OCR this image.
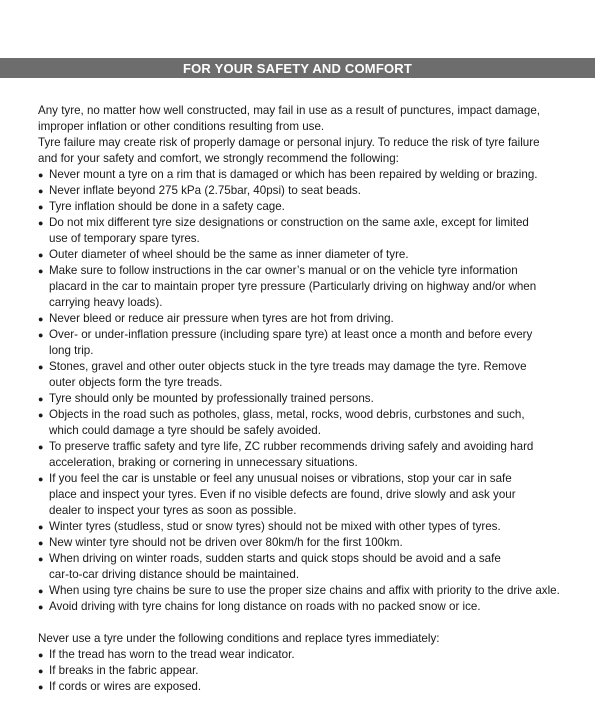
FOR YOUR SAFETY AND COMFORT

Any tyre, no matter how well constructed, may fail in use as a result of punctures, impact damage,

improper inflation or other conditions resulting from use.

Tyre failure may create risk of properly damage or personal injury. To reduce the risk of tyre failure

and for your safety and comfort, we strongly recommend the following:

● Never mount a tyre on a rim that is damaged or which has been repaired by welding or brazing.
● Never inflate beyond 275 kPa (2.75bar, 40psi) to seat beads.
● Tyre inflation should be done in a safety cage.
● Do not mix different tyre size designations or construction on the same axle, except for limited
use of temporary spare tyres.
● Outer diameter of wheel should be the same as inner diameter of tyre.
● Make sure to follow instructions in the car owner’s manual or on the vehicle tyre information
placard in the car to maintain proper tyre pressure (Particularly driving on highway and/or when
carrying heavy loads).
● Never bleed or reduce air pressure when tyres are hot from driving.
● Over- or under-inflation pressure (including spare tyre) at least once a month and before every
long trip.
● Stones, gravel and other outer objects stuck in the tyre treads may damage the tyre. Remove
outer objects form the tyre treads.
● Tyre should only be mounted by professionally trained persons.
● Objects in the road such as potholes, glass, metal, rocks, wood debris, curbstones and such,
which could damage a tyre should be safely avoided.
● To preserve traffic safety and tyre life, ZC rubber recommends driving safely and avoiding hard
acceleration, braking or cornering in unnecessary situations.
● If you feel the car is unstable or feel any unusual noises or vibrations, stop your car in safe
place and inspect your tyres. Even if no visible defects are found, drive slowly and ask your
dealer to inspect your tyres as soon as possible.
● Winter tyres (studless, stud or snow tyres) should not be mixed with other types of tyres.
● New winter tyre should not be driven over 80km/h for the first 100km.
● When driving on winter roads, sudden starts and quick stops should be avoid and a safe
car-to-car driving distance should be maintained.
● When using tyre chains be sure to use the proper size chains and affix with priority to the drive axle.
● Avoid driving with tyre chains for long distance on roads with no packed snow or ice.

Never use a tyre under the following conditions and replace tyres immediately:

● If the tread has worn to the tread wear indicator.
● If breaks in the fabric appear.
● If cords or wires are exposed.
